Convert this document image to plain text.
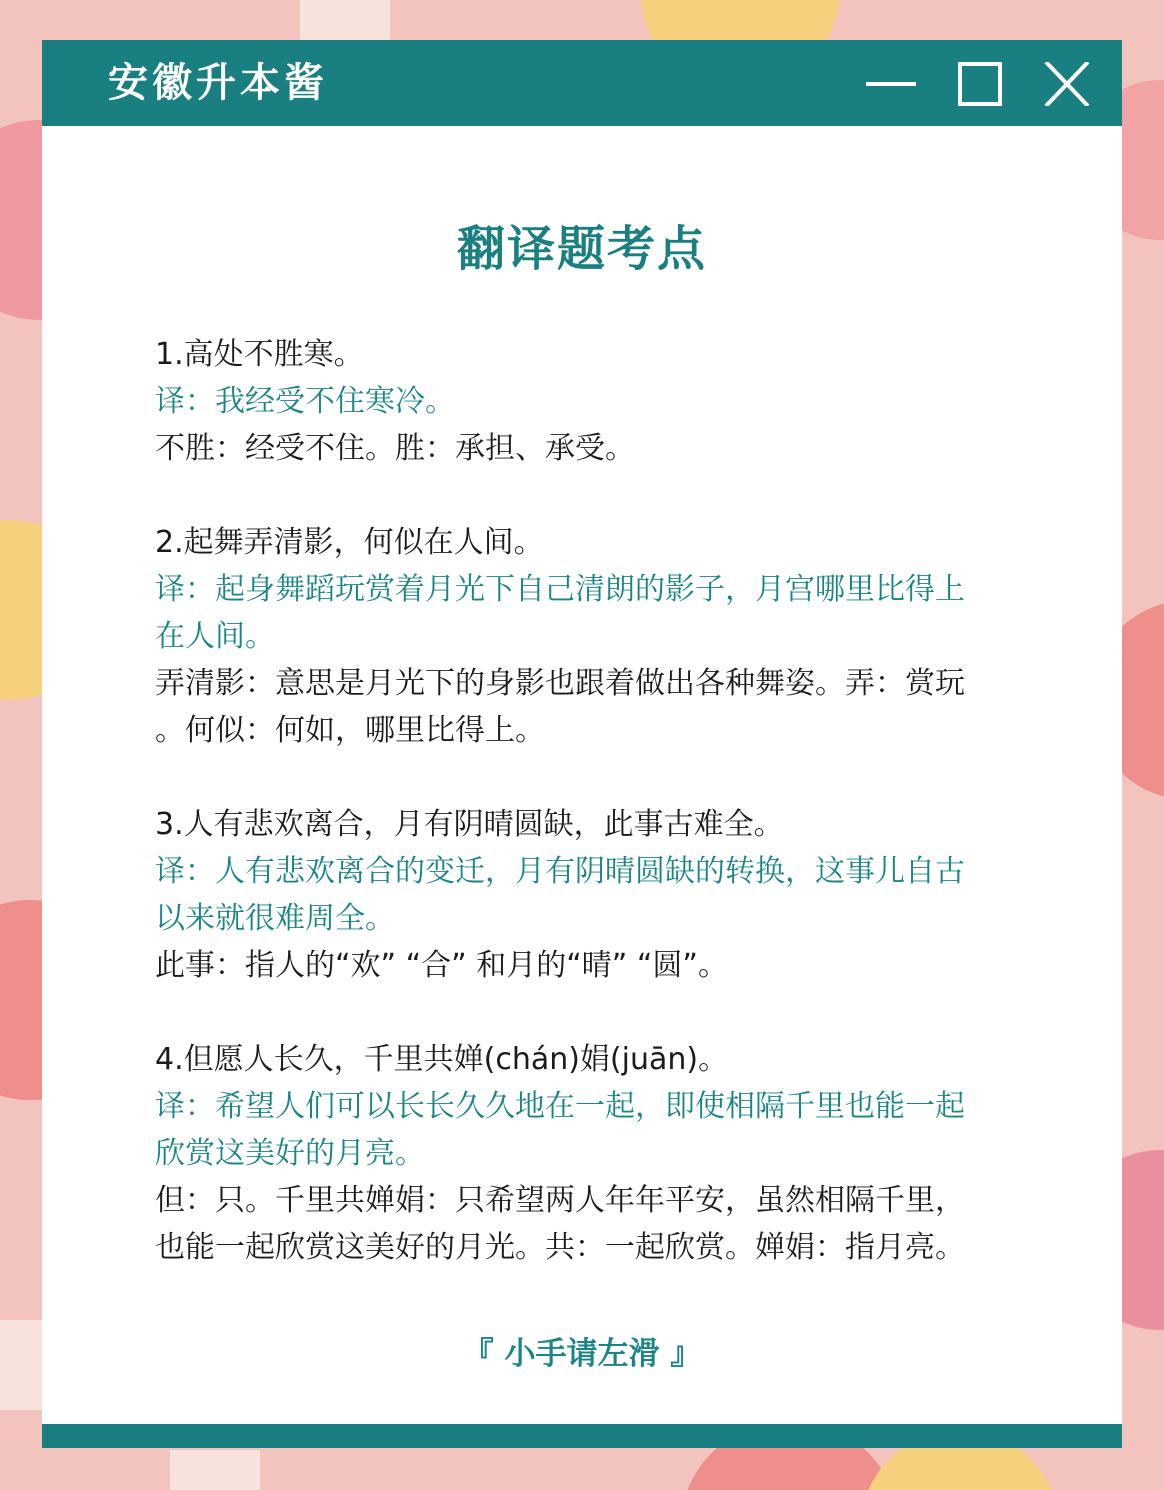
安徽升本酱
翻译题考点

1.高处不胜寒。

译：我经受不住寒冷。

不胜：经受不住。胜：承担、承受。

2.起舞弄清影，何似在人间。

译：起身舞蹈玩赏着月光下自己清朗的影子，月宫哪里比得上

在人间。

弄清影：意思是月光下的身影也跟着做出各种舞姿。弄：赏玩

。何似：何如，哪里比得上。

3.人有悲欢离合，月有阴晴圆缺，此事古难全。

译：人有悲欢离合的变迁，月有阴晴圆缺的转换，这事儿自古

以来就很难周全。

此事：指人的“欢” “合” 和月的“晴” “圆”。

4.但愿人长久，千里共婵(chán)娟(juān)。

译：希望人们可以长长久久地在一起，即使相隔千里也能一起

欣赏这美好的月亮。

但：只。千里共婵娟：只希望两人年年平安，虽然相隔千里，

也能一起欣赏这美好的月光。共：一起欣赏。婵娟：指月亮。

『 小手请左滑 』
